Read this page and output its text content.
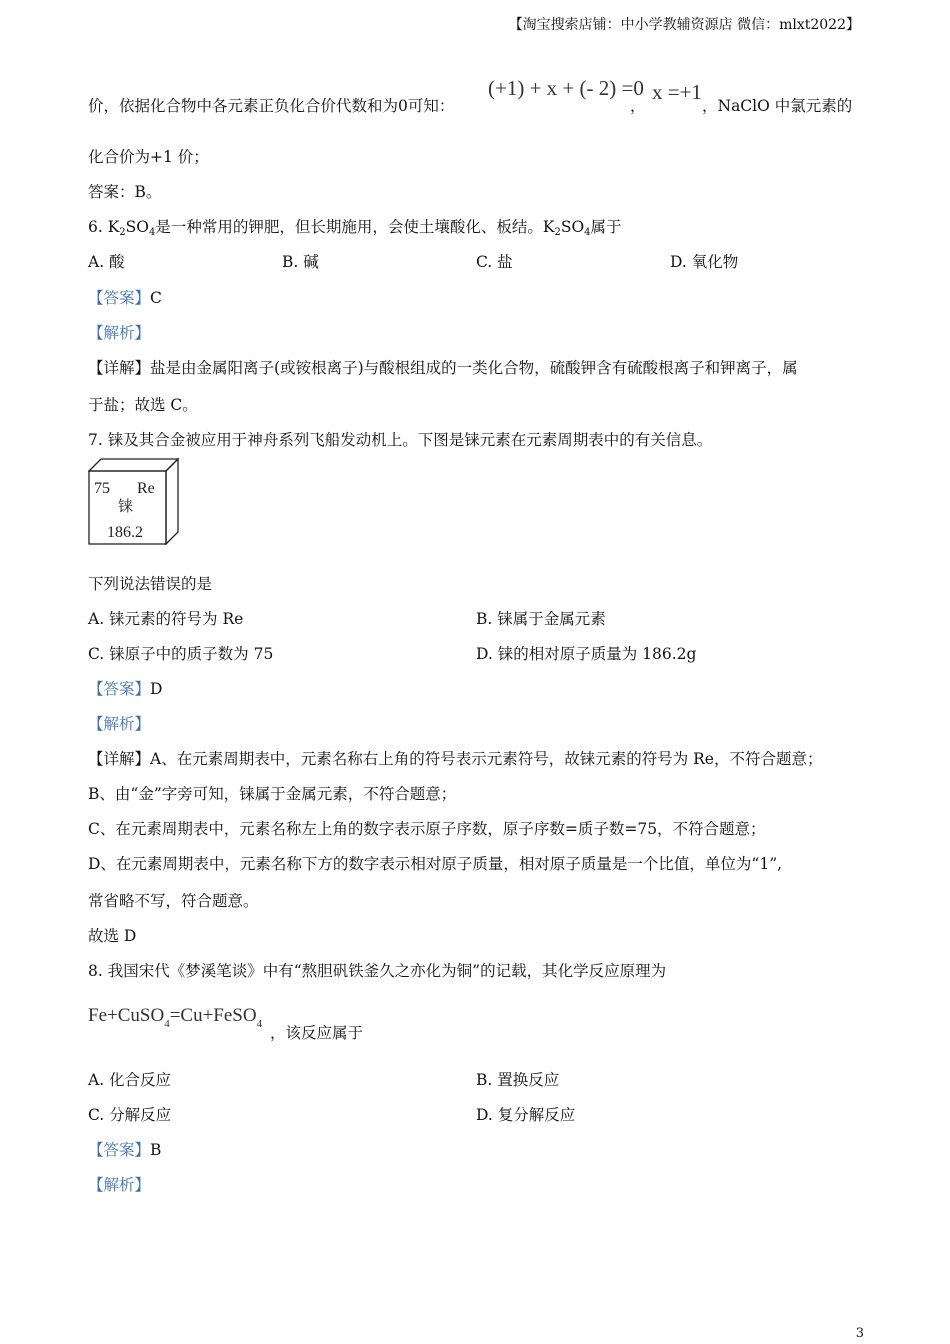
【淘宝搜索店铺：中小学教辅资源店 微信：mlxt2022】
价，依据化合物中各元素正负化合价代数和为0可知：
(+1) + x + (- 2) =0
，
x =+1
，NaClO 中氯元素的
化合价为+1 价；
答案：B。
6. $K_2SO_4$是一种常用的钾肥，但长期施用，会使土壤酸化、板结。$K_2SO_4$属于
A. 酸	B. 碱	C. 盐	D. 氧化物
【答案】C
【解析】
【详解】盐是由金属阳离子(或铵根离子)与酸根组成的一类化合物，硫酸钾含有硫酸根离子和钾离子，属
于盐；故选 C。
7. 铼及其合金被应用于神舟系列飞船发动机上。下图是铼元素在元素周期表中的有关信息。
75 Re
铼
186.2
下列说法错误的是
A. 铼元素的符号为 Re	B. 铼属于金属元素
C. 铼原子中的质子数为 75	D. 铼的相对原子质量为 186.2g
【答案】D
【解析】
【详解】A、在元素周期表中，元素名称右上角的符号表示元素符号，故铼元素的符号为 Re，不符合题意；
B、由“金”字旁可知，铼属于金属元素，不符合题意；
C、在元素周期表中，元素名称左上角的数字表示原子序数，原子序数=质子数=75，不符合题意；
D、在元素周期表中，元素名称下方的数字表示相对原子质量，相对原子质量是一个比值，单位为“1”,
常省略不写，符合题意。
故选 D
8. 我国宋代《梦溪笔谈》中有“熬胆矾铁釜久之亦化为铜”的记载，其化学反应原理为
Fe+CuSO$_4$=Cu+FeSO$_4$ ，该反应属于
A. 化合反应	B. 置换反应
C. 分解反应	D. 复分解反应
【答案】B
【解析】
3
